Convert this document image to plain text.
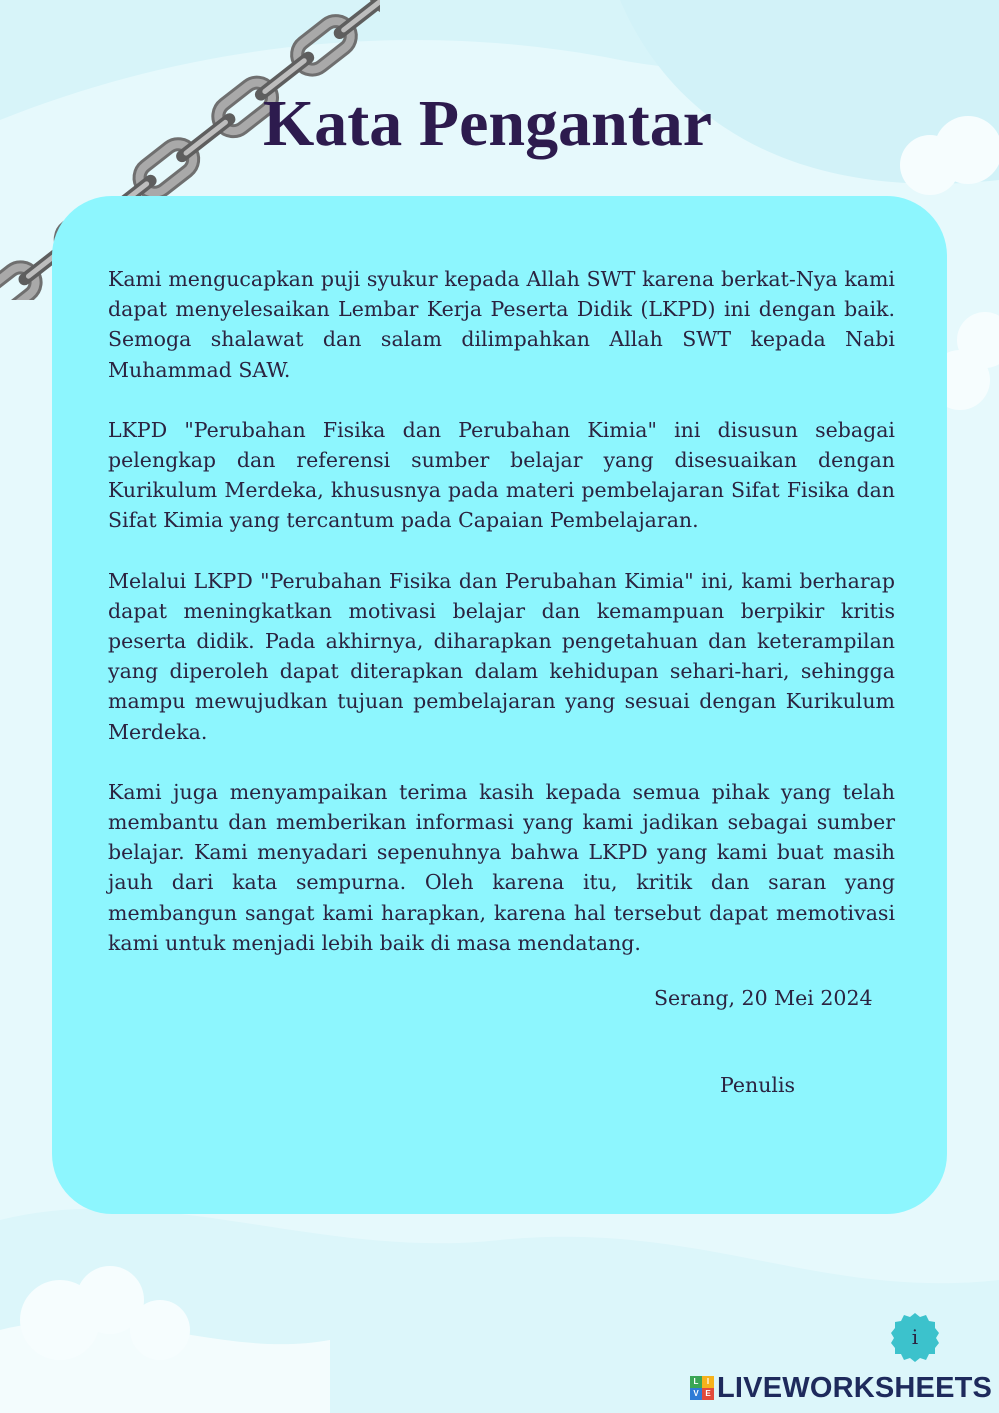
Kata Pengantar

Kami mengucapkan puji syukur kepada Allah SWT karena berkat-Nya kami dapat menyelesaikan Lembar Kerja Peserta Didik (LKPD) ini dengan baik. Semoga shalawat dan salam dilimpahkan Allah SWT kepada Nabi Muhammad SAW.

LKPD "Perubahan Fisika dan Perubahan Kimia" ini disusun sebagai pelengkap dan referensi sumber belajar yang disesuaikan dengan Kurikulum Merdeka, khususnya pada materi pembelajaran Sifat Fisika dan Sifat Kimia yang tercantum pada Capaian Pembelajaran.

Melalui LKPD "Perubahan Fisika dan Perubahan Kimia" ini, kami berharap dapat meningkatkan motivasi belajar dan kemampuan berpikir kritis peserta didik. Pada akhirnya, diharapkan pengetahuan dan keterampilan yang diperoleh dapat diterapkan dalam kehidupan sehari-hari, sehingga mampu mewujudkan tujuan pembelajaran yang sesuai dengan Kurikulum Merdeka.

Kami juga menyampaikan terima kasih kepada semua pihak yang telah membantu dan memberikan informasi yang kami jadikan sebagai sumber belajar. Kami menyadari sepenuhnya bahwa LKPD yang kami buat masih jauh dari kata sempurna. Oleh karena itu, kritik dan saran yang membangun sangat kami harapkan, karena hal tersebut dapat memotivasi kami untuk menjadi lebih baik di masa mendatang.

Serang, 20 Mei 2024
Penulis
i
L	I
V E LIVEWORKSHEETS
